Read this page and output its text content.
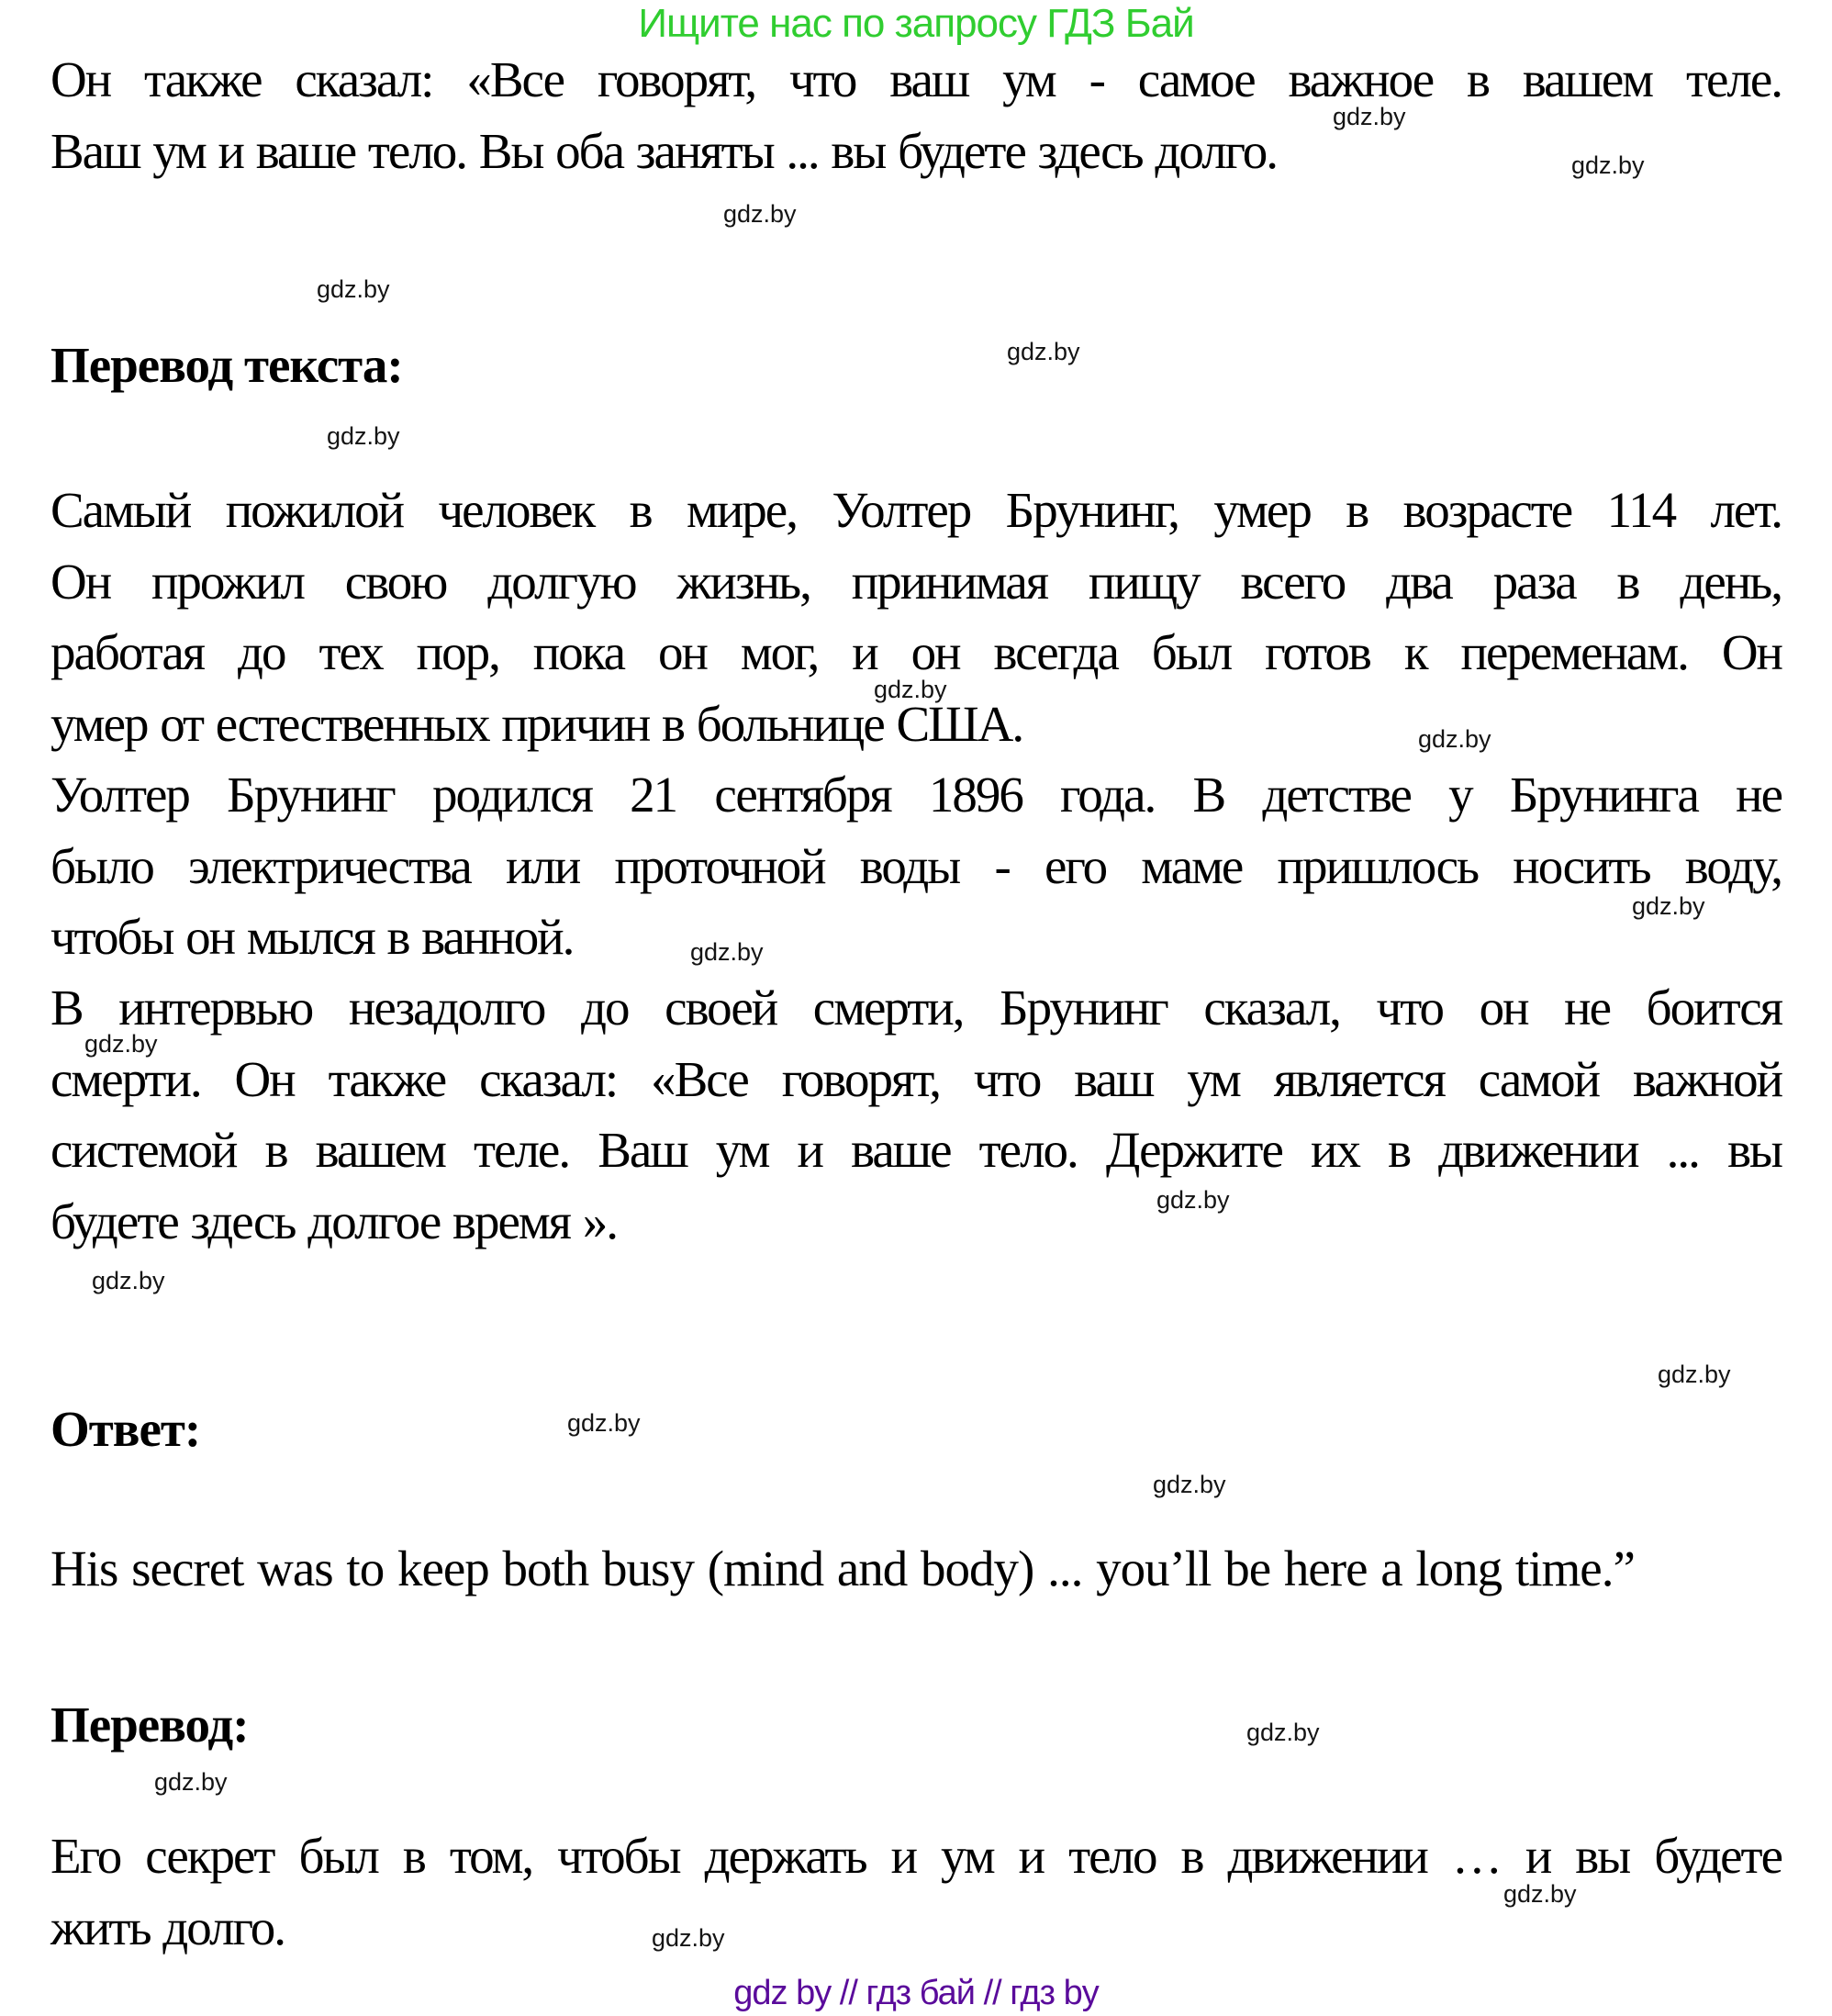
Ищите нас по запросу ГДЗ Бай
Он также сказал: «Все говорят, что ваш ум - самое важное в вашем теле.
Ваш ум и ваше тело. Вы оба заняты ... вы будете здесь долго.
Перевод текста:
Самый пожилой человек в мире, Уолтер Брунинг, умер в возрасте 114 лет.
Он прожил свою долгую жизнь, принимая пищу всего два раза в день,
работая до тех пор, пока он мог, и он всегда был готов к переменам. Он
умер от естественных причин в больнице США.
Уолтер Брунинг родился 21 сентября 1896 года. В детстве у Брунинга не
было электричества или проточной воды - его маме пришлось носить воду,
чтобы он мылся в ванной.
В интервью незадолго до своей смерти, Брунинг сказал, что он не боится
смерти. Он также сказал: «Все говорят, что ваш ум является самой важной
системой в вашем теле. Ваш ум и ваше тело. Держите их в движении ... вы
будете здесь долгое время ».
Ответ:
His secret was to keep both busy (mind and body) ... you’ll be here a long time.”
Перевод:
Его секрет был в том, чтобы держать и ум и тело в движении … и вы будете
жить долго.
gdz.by
gdz.by
gdz.by
gdz.by
gdz.by
gdz.by
gdz.by
gdz.by
gdz.by
gdz.by
gdz.by
gdz.by
gdz.by
gdz.by
gdz.by
gdz.by
gdz.by
gdz.by
gdz.by
gdz.by
gdz by // гдз бай // гдз by
